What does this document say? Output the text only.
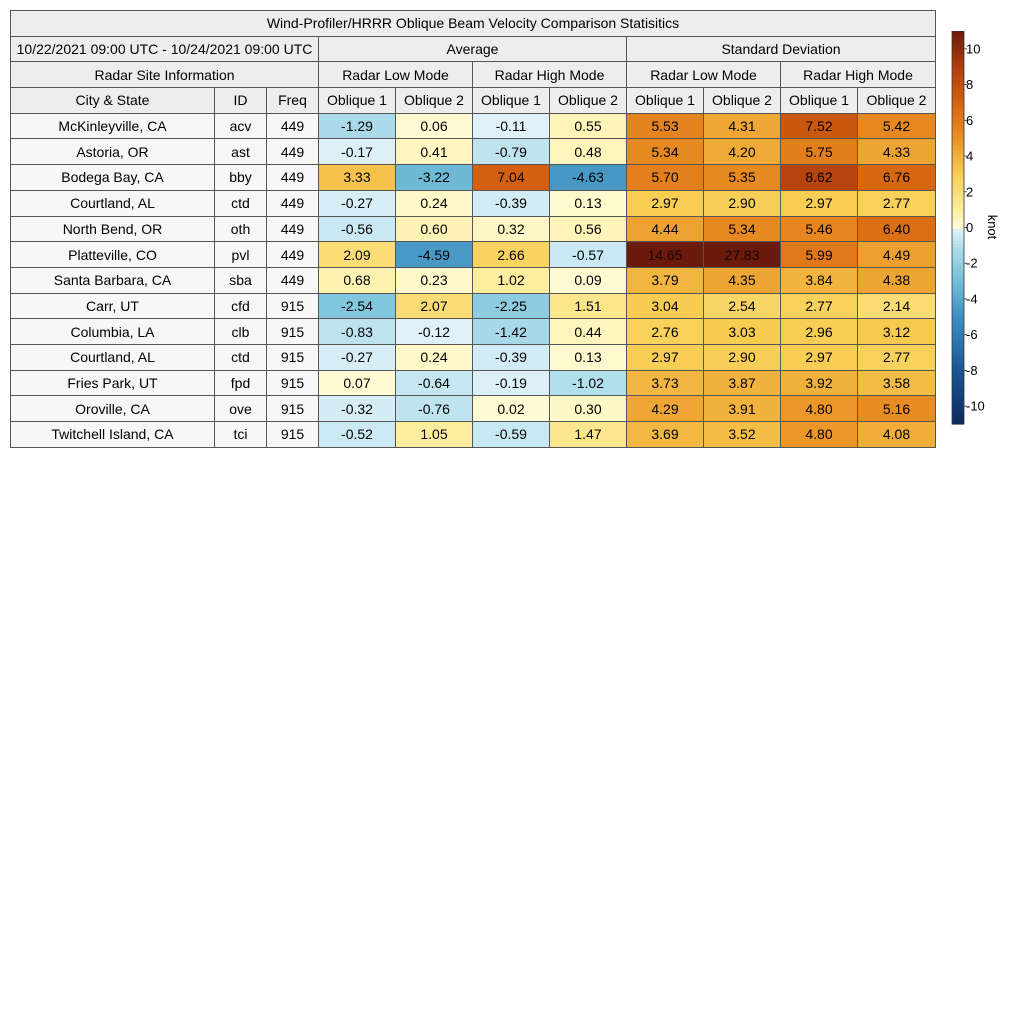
Wind-Profiler/HRRR Oblique Beam Velocity Comparison Statisitics										
10/22/2021 09:00 UTC - 10/24/2021 09:00 UTC			Average				Standard Deviation			
Radar Site Information			Radar Low Mode		Radar High Mode		Radar Low Mode		Radar High Mode	
City & State	ID	Freq	Oblique 1	Oblique 2	Oblique 1	Oblique 2	Oblique 1	Oblique 2	Oblique 1	Oblique 2
McKinleyville, CA	acv	449	-1.29	0.06	-0.11	0.55	5.53	4.31	7.52	5.42
Astoria, OR	ast	449	-0.17	0.41	-0.79	0.48	5.34	4.20	5.75	4.33
Bodega Bay, CA	bby	449	3.33	-3.22	7.04	-4.63	5.70	5.35	8.62	6.76
Courtland, AL	ctd	449	-0.27	0.24	-0.39	0.13	2.97	2.90	2.97	2.77
North Bend, OR	oth	449	-0.56	0.60	0.32	0.56	4.44	5.34	5.46	6.40
Platteville, CO	pvl	449	2.09	-4.59	2.66	-0.57	14.65	27.83	5.99	4.49
Santa Barbara, CA	sba	449	0.68	0.23	1.02	0.09	3.79	4.35	3.84	4.38
Carr, UT	cfd	915	-2.54	2.07	-2.25	1.51	3.04	2.54	2.77	2.14
Columbia, LA	clb	915	-0.83	-0.12	-1.42	0.44	2.76	3.03	2.96	3.12
Courtland, AL	ctd	915	-0.27	0.24	-0.39	0.13	2.97	2.90	2.97	2.77
Fries Park, UT	fpd	915	0.07	-0.64	-0.19	-1.02	3.73	3.87	3.92	3.58
Oroville, CA	ove	915	-0.32	-0.76	0.02	0.30	4.29	3.91	4.80	5.16
Twitchell Island, CA	tci	915	-0.52	1.05	-0.59	1.47	3.69	3.52	4.80	4.08
10
8
6
4
2
0
-2
-4
-6
-8
-10
knot
